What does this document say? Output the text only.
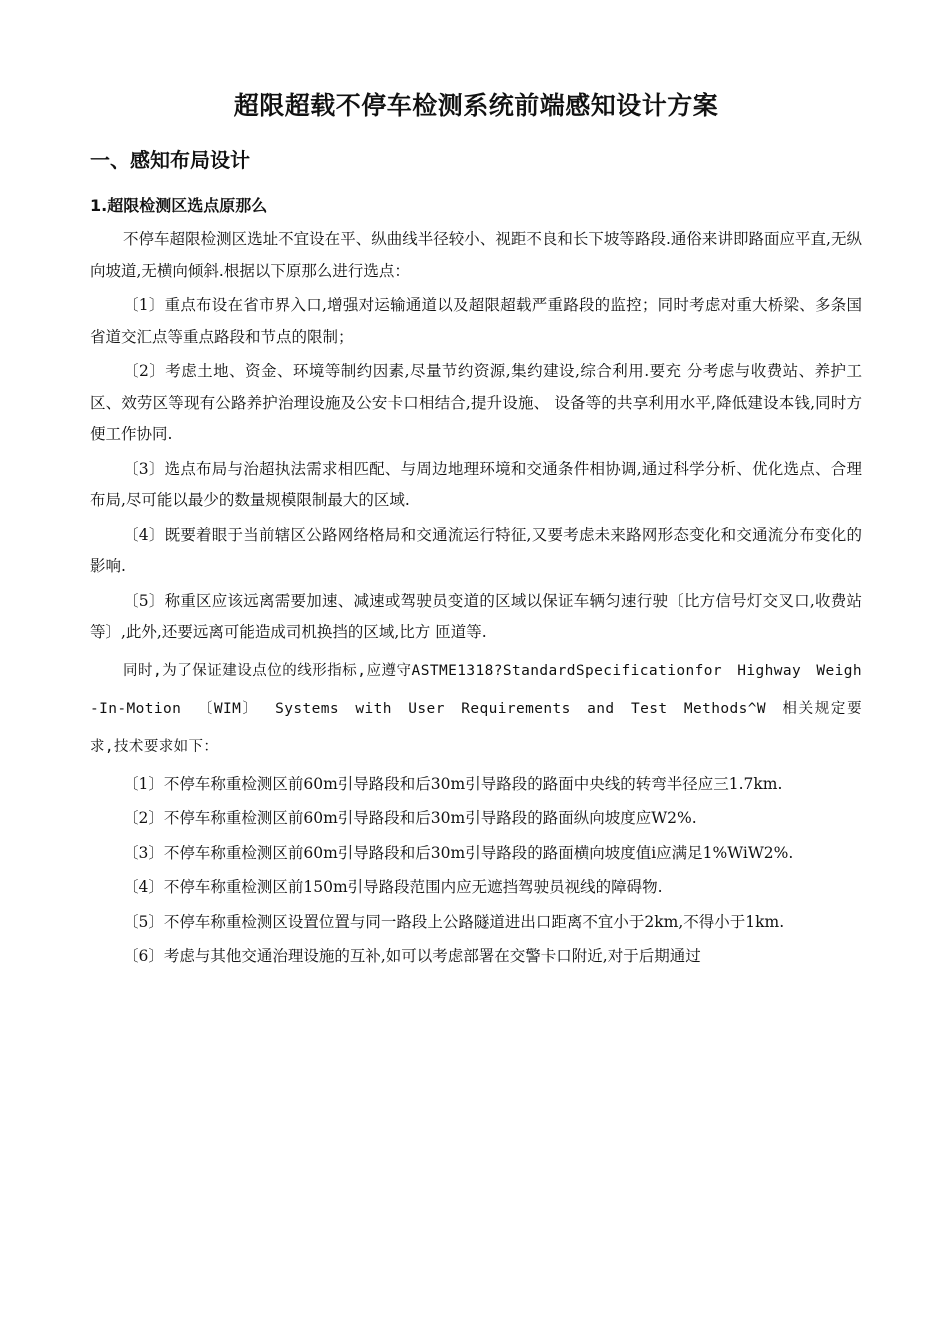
超限超载不停车检测系统前端感知设计方案
一、感知布局设计
1.超限检测区选点原那么

不停车超限检测区选址不宜设在平、纵曲线半径较小、视距不良和长下坡等路段.通俗来讲即路面应平直,无纵向坡道,无横向倾斜.根据以下原那么进行选点：

〔1〕重点布设在省市界入口,增强对运输通道以及超限超载严重路段的监控；同时考虑对重大桥梁、多条国省道交汇点等重点路段和节点的限制；

〔2〕考虑土地、资金、环境等制约因素,尽量节约资源,集约建设,综合利用.要充 分考虑与收费站、养护工区、效劳区等现有公路养护治理设施及公安卡口相结合,提升设施、 设备等的共享利用水平,降低建设本钱,同时方便工作协同.

〔3〕选点布局与治超执法需求相匹配、与周边地理环境和交通条件相协调,通过科学分析、优化选点、合理布局,尽可能以最少的数量规模限制最大的区域.

〔4〕既要着眼于当前辖区公路网络格局和交通流运行特征,又要考虑未来路网形态变化和交通流分布变化的影响.

〔5〕称重区应该远离需要加速、减速或驾驶员变道的区域以保证车辆匀速行驶〔比方信号灯交叉口,收费站等〕,此外,还要远离可能造成司机换挡的区域,比方 匝道等.

同时,为了保证建设点位的线形指标,应遵守ASTME1318?StandardSpecificationfor Highway Weigh-In-Motion 〔WIM〕 Systems with User Requirements and Test Methods^W 相关规定要求,技术要求如下：

〔1〕不停车称重检测区前60m引导路段和后30m引导路段的路面中央线的转弯半径应三1.7km.

〔2〕不停车称重检测区前60m引导路段和后30m引导路段的路面纵向坡度应W2%.

〔3〕不停车称重检测区前60m引导路段和后30m引导路段的路面横向坡度值i应满足1%WiW2%.

〔4〕不停车称重检测区前150m引导路段范围内应无遮挡驾驶员视线的障碍物.

〔5〕不停车称重检测区设置位置与同一路段上公路隧道进出口距离不宜小于2km,不得小于1km.

〔6〕考虑与其他交通治理设施的互补,如可以考虑部署在交警卡口附近,对于后期通过
